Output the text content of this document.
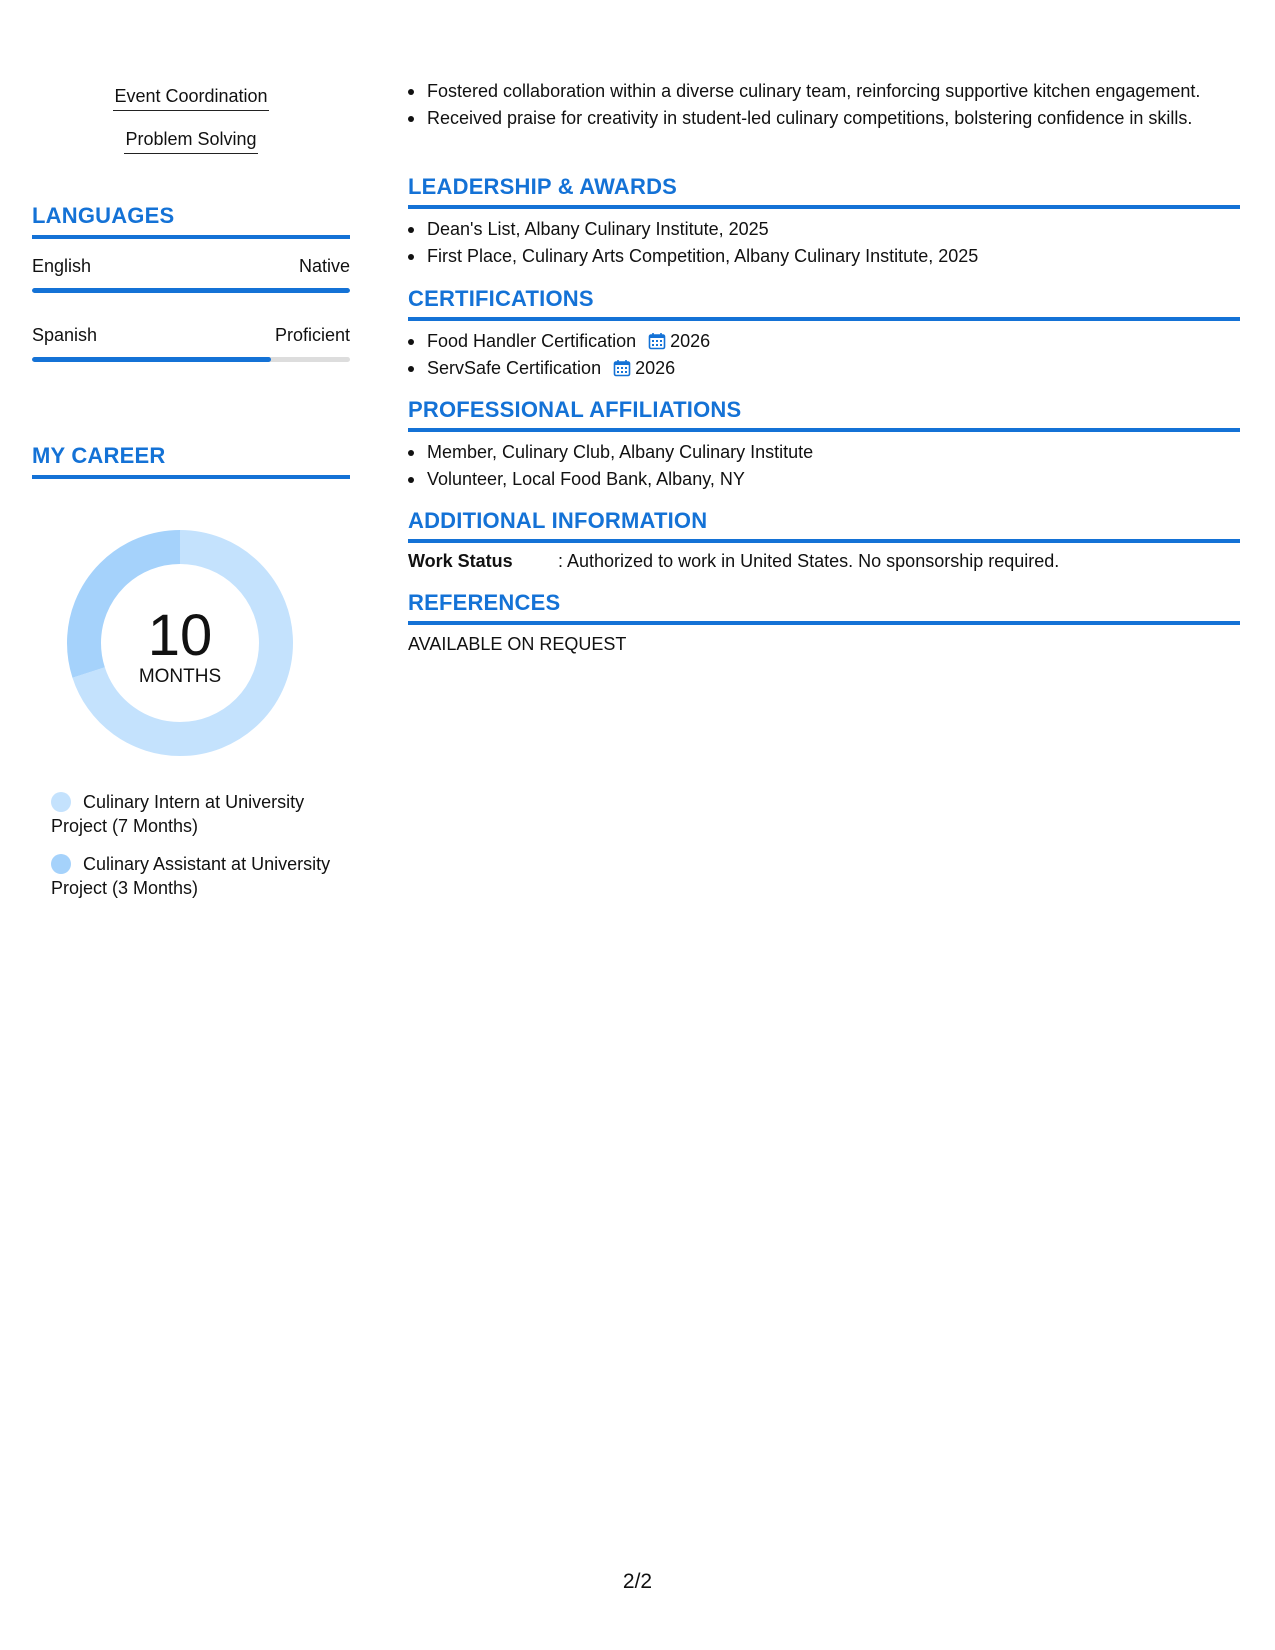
Event Coordination
Problem Solving
LANGUAGES
English	Native
Spanish	Proficient
MY CAREER
10
MONTHS
Culinary Intern at University Project (7 Months)
Culinary Assistant at University Project (3 Months)
Fostered collaboration within a diverse culinary team, reinforcing supportive kitchen engagement.
Received praise for creativity in student-led culinary competitions, bolstering confidence in skills.
LEADERSHIP & AWARDS
Dean's List, Albany Culinary Institute, 2025
First Place, Culinary Arts Competition, Albany Culinary Institute, 2025
CERTIFICATIONS
Food Handler Certification 2026
ServSafe Certification 2026
PROFESSIONAL AFFILIATIONS
Member, Culinary Club, Albany Culinary Institute
Volunteer, Local Food Bank, Albany, NY
ADDITIONAL INFORMATION
Work Status	: Authorized to work in United States. No sponsorship required.
REFERENCES
AVAILABLE ON REQUEST
2/2
